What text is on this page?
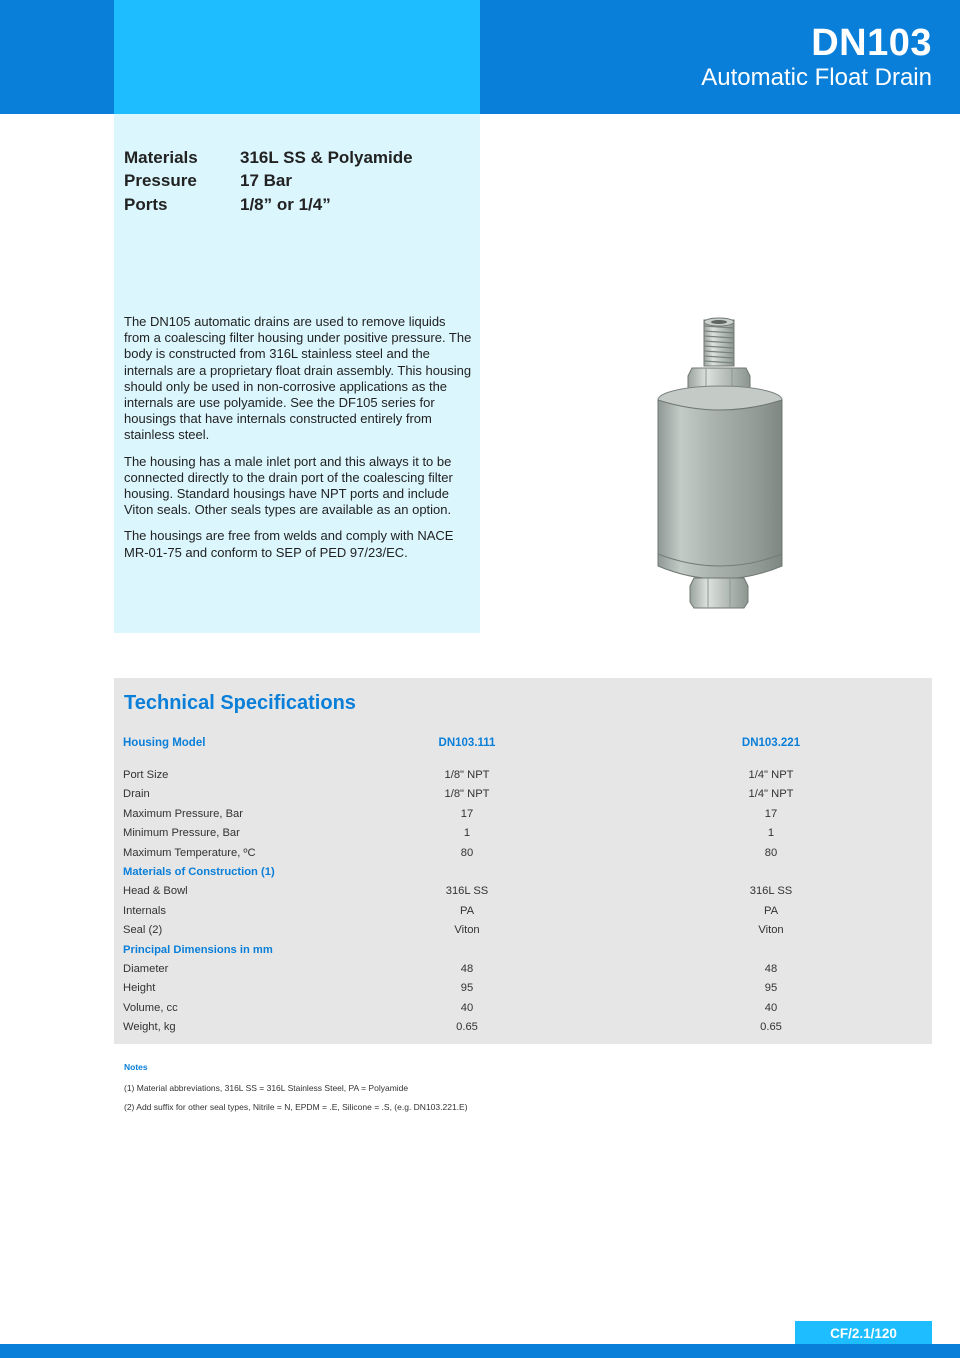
DN103
Automatic Float Drain
Materials	316L SS & Polyamide
Pressure	17 Bar
Ports	1/8” or 1/4”

The DN105 automatic drains are used to remove liquids from a coalescing filter housing under positive pressure. The body is constructed from 316L stainless steel and the internals are a proprietary float drain assembly. This housing should only be used in non-corrosive applications as the internals are use polyamide. See the DF105 series for housings that have internals constructed entirely from stainless steel.

The housing has a male inlet port and this always it to be connected directly to the drain port of the coalescing filter housing. Standard housings have NPT ports and include Viton seals. Other seals types are available as an option.

The housings are free from welds and comply with NACE MR-01-75 and conform to SEP of PED 97/23/EC.

Technical Specifications
Housing Model	DN103.111	DN103.221
Port Size	1/8" NPT	1/4" NPT
Drain	1/8" NPT	1/4" NPT
Maximum Pressure, Bar	17	17
Minimum Pressure, Bar	1	1
Maximum Temperature, ºC	80	80
Materials of Construction (1)
Head & Bowl	316L SS	316L SS
Internals	PA	PA
Seal (2)	Viton	Viton
Principal Dimensions in mm
Diameter	48	48
Height	95	95
Volume, cc	40	40
Weight, kg	0.65	0.65
Notes
(1) Material abbreviations, 316L SS = 316L Stainless Steel, PA = Polyamide
(2) Add suffix for other seal types, Nitrile = N, EPDM = .E, Silicone = .S, (e.g. DN103.221.E)
CF/2.1/120
